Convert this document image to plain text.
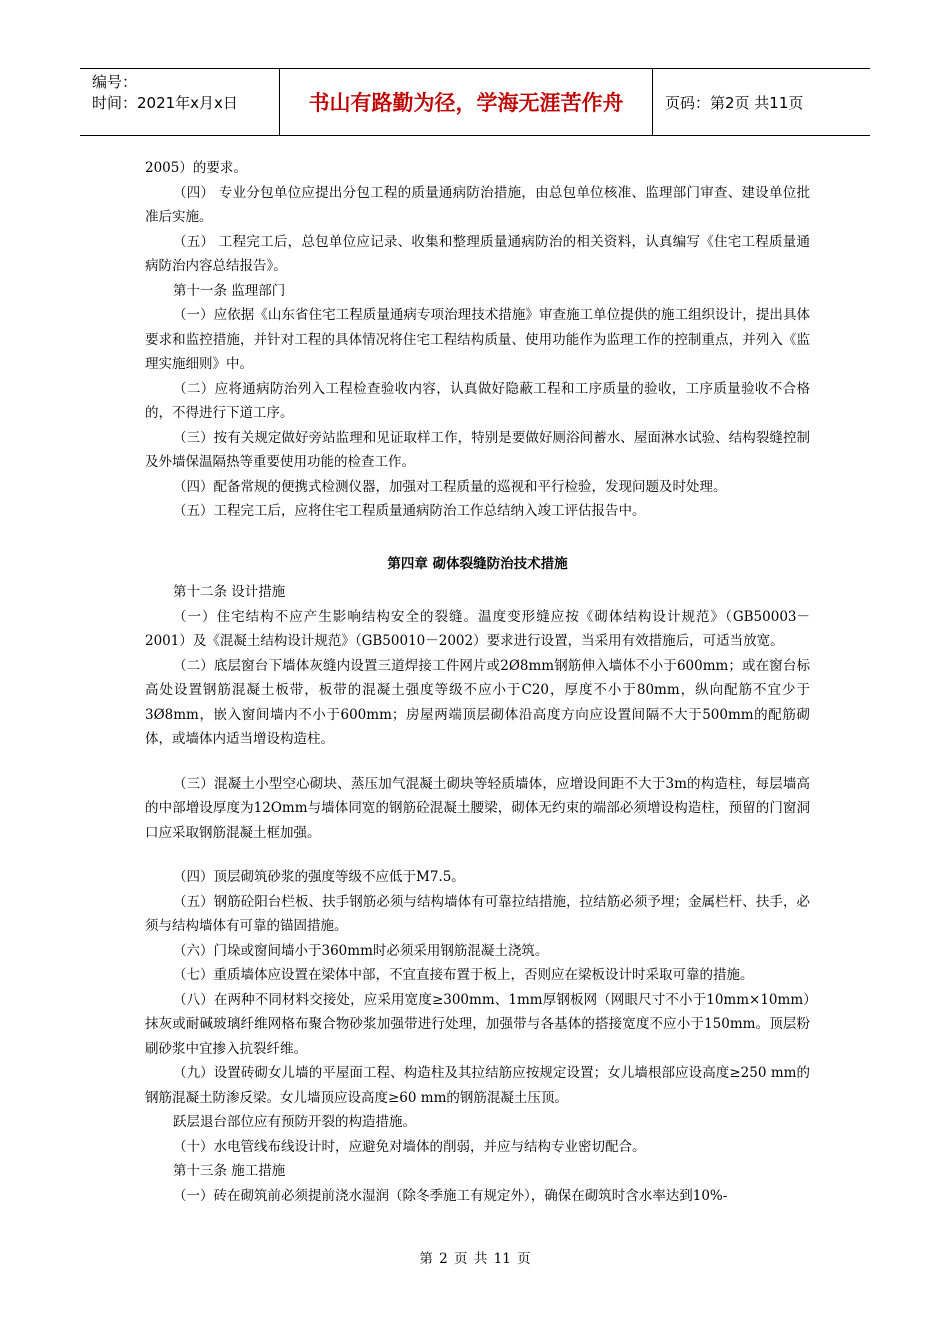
编号：
时间：2021年x月x日	书山有路勤为径，学海无涯苦作舟	页码：第2页 共11页

2005）的要求。

（四） 专业分包单位应提出分包工程的质量通病防治措施，由总包单位核准、监理部门审查、建设单位批准后实施。

（五） 工程完工后，总包单位应记录、收集和整理质量通病防治的相关资料，认真编写《住宅工程质量通病防治内容总结报告》。

第十一条 监理部门

（一）应依据《山东省住宅工程质量通病专项治理技术措施》审查施工单位提供的施工组织设计，提出具体要求和监控措施，并针对工程的具体情况将住宅工程结构质量、使用功能作为监理工作的控制重点，并列入《监理实施细则》中。

（二）应将通病防治列入工程检查验收内容，认真做好隐蔽工程和工序质量的验收，工序质量验收不合格的，不得进行下道工序。

（三）按有关规定做好旁站监理和见证取样工作，特别是要做好厕浴间蓄水、屋面淋水试验、结构裂缝控制及外墙保温隔热等重要使用功能的检查工作。

（四）配备常规的便携式检测仪器，加强对工程质量的巡视和平行检验，发现问题及时处理。

（五）工程完工后，应将住宅工程质量通病防治工作总结纳入竣工评估报告中。

第四章 砌体裂缝防治技术措施

第十二条 设计措施

（一）住宅结构不应产生影响结构安全的裂缝。温度变形缝应按《砌体结构设计规范》（GB50003－2001）及《混凝土结构设计规范》（GB50010－2002）要求进行设置，当采用有效措施后，可适当放宽。

（二）底层窗台下墙体灰缝内设置三道焊接工件网片或2Ø8mm钢筋伸入墙体不小于600mm；或在窗台标高处设置钢筋混凝土板带，板带的混凝土强度等级不应小于C20，厚度不小于80mm，纵向配筋不宜少于3Ø8mm，嵌入窗间墙内不小于600mm；房屋两端顶层砌体沿高度方向应设置间隔不大于500mm的配筋砌体，或墙体内适当增设构造柱。

（三）混凝土小型空心砌块、蒸压加气混凝土砌块等轻质墙体，应增设间距不大于3m的构造柱，每层墙高的中部增设厚度为12Omm与墙体同宽的钢筋砼混凝土腰梁，砌体无约束的端部必须增设构造柱，预留的门窗洞口应采取钢筋混凝土框加强。

（四）顶层砌筑砂浆的强度等级不应低于M7.5。

（五）钢筋砼阳台栏板、扶手钢筋必须与结构墙体有可靠拉结措施，拉结筋必须予埋；金属栏杆、扶手，必须与结构墙体有可靠的锚固措施。

（六）门垛或窗间墙小于360mm时必须采用钢筋混凝土浇筑。

（七）重质墙体应设置在梁体中部，不宜直接布置于板上，否则应在梁板设计时采取可靠的措施。

（八）在两种不同材料交接处，应采用宽度≥300mm、1mm厚钢板网（网眼尺寸不小于10mm×10mm）抹灰或耐碱玻璃纤维网格布聚合物砂浆加强带进行处理，加强带与各基体的搭接宽度不应小于150mm。顶层粉刷砂浆中宜掺入抗裂纤维。

（九）设置砖砌女儿墙的平屋面工程、构造柱及其拉结筋应按规定设置；女儿墙根部应设高度≥250 mm的钢筋混凝土防渗反梁。女儿墙顶应设高度≥60 mm的钢筋混凝土压顶。

跃层退台部位应有预防开裂的构造措施。

（十）水电管线布线设计时，应避免对墙体的削弱，并应与结构专业密切配合。

第十三条 施工措施

（一）砖在砌筑前必须提前浇水湿润（除冬季施工有规定外），确保在砌筑时含水率达到10%-

第 2 页 共 11 页
